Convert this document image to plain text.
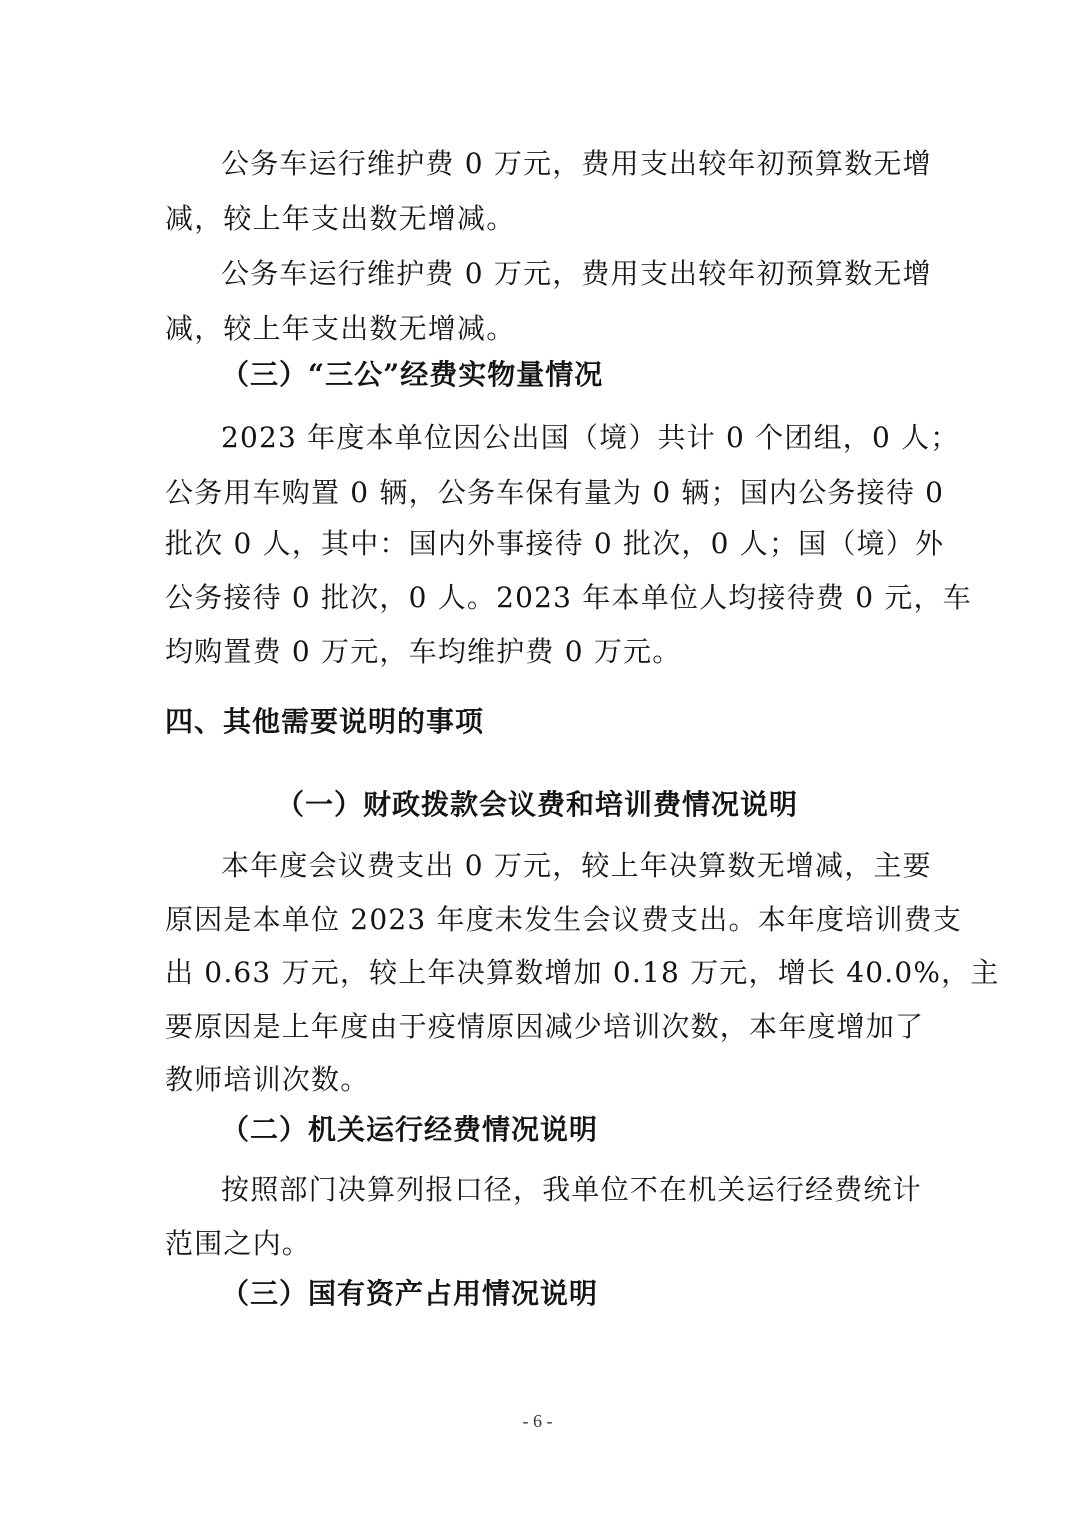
公务车运行维护费 0 万元，费用支出较年初预算数无增
减，较上年支出数无增减。
公务车运行维护费 0 万元，费用支出较年初预算数无增
减，较上年支出数无增减。
（三）“三公”经费实物量情况
2023 年度本单位因公出国（境）共计 0 个团组，0 人；
公务用车购置 0 辆，公务车保有量为 0 辆；国内公务接待 0
批次 0 人，其中：国内外事接待 0 批次，0 人；国（境）外
公务接待 0 批次，0 人。2023 年本单位人均接待费 0 元，车
均购置费 0 万元，车均维护费 0 万元。
四、其他需要说明的事项
（一）财政拨款会议费和培训费情况说明
本年度会议费支出 0 万元，较上年决算数无增减，主要
原因是本单位 2023 年度未发生会议费支出。本年度培训费支
出 0.63 万元，较上年决算数增加 0.18 万元，增长 40.0%，主
要原因是上年度由于疫情原因减少培训次数，本年度增加了
教师培训次数。
（二）机关运行经费情况说明
按照部门决算列报口径，我单位不在机关运行经费统计
范围之内。
（三）国有资产占用情况说明
- 6 -
